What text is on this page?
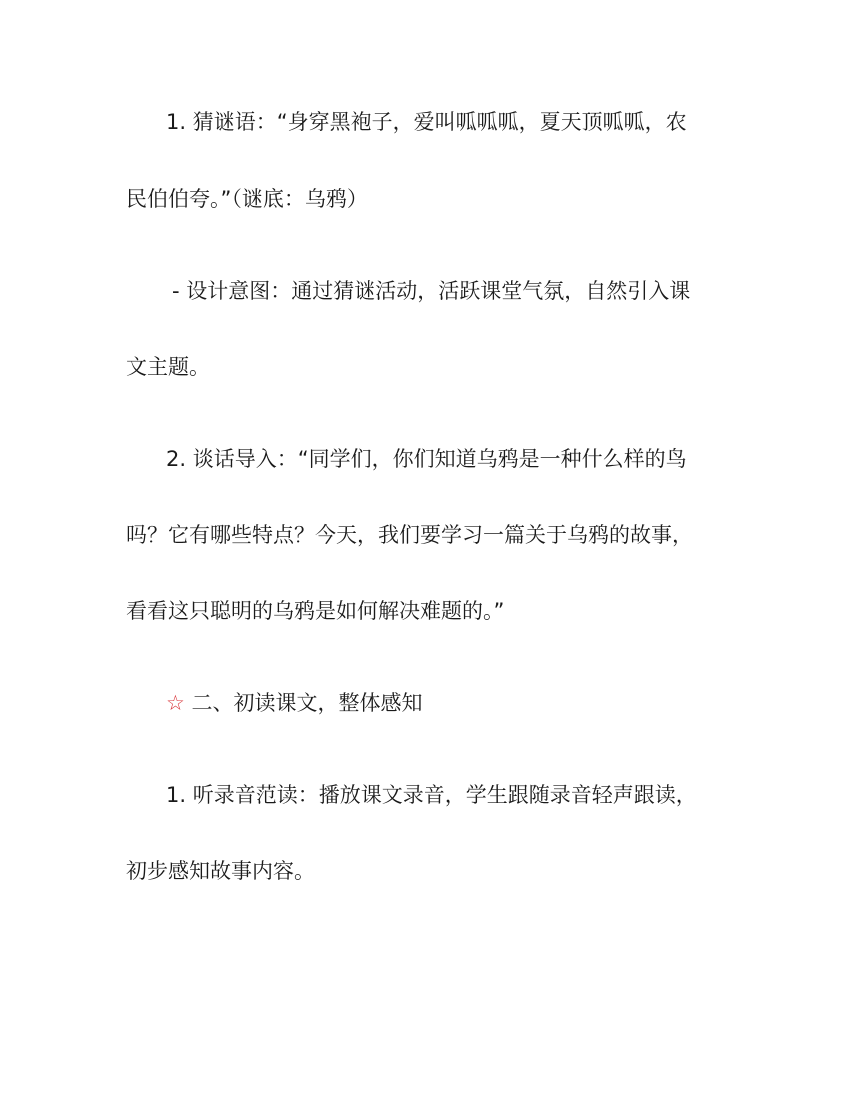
1. 猜谜语：“身穿黑袍子，爱叫呱呱呱，夏天顶呱呱，农
民伯伯夸。”（谜底：乌鸦）
- 设计意图：通过猜谜活动，活跃课堂气氛，自然引入课
文主题。
2. 谈话导入：“同学们，你们知道乌鸦是一种什么样的鸟
吗？它有哪些特点？今天，我们要学习一篇关于乌鸦的故事，
看看这只聪明的乌鸦是如何解决难题的。”
☆ 二、初读课文，整体感知
1. 听录音范读：播放课文录音，学生跟随录音轻声跟读，
初步感知故事内容。
